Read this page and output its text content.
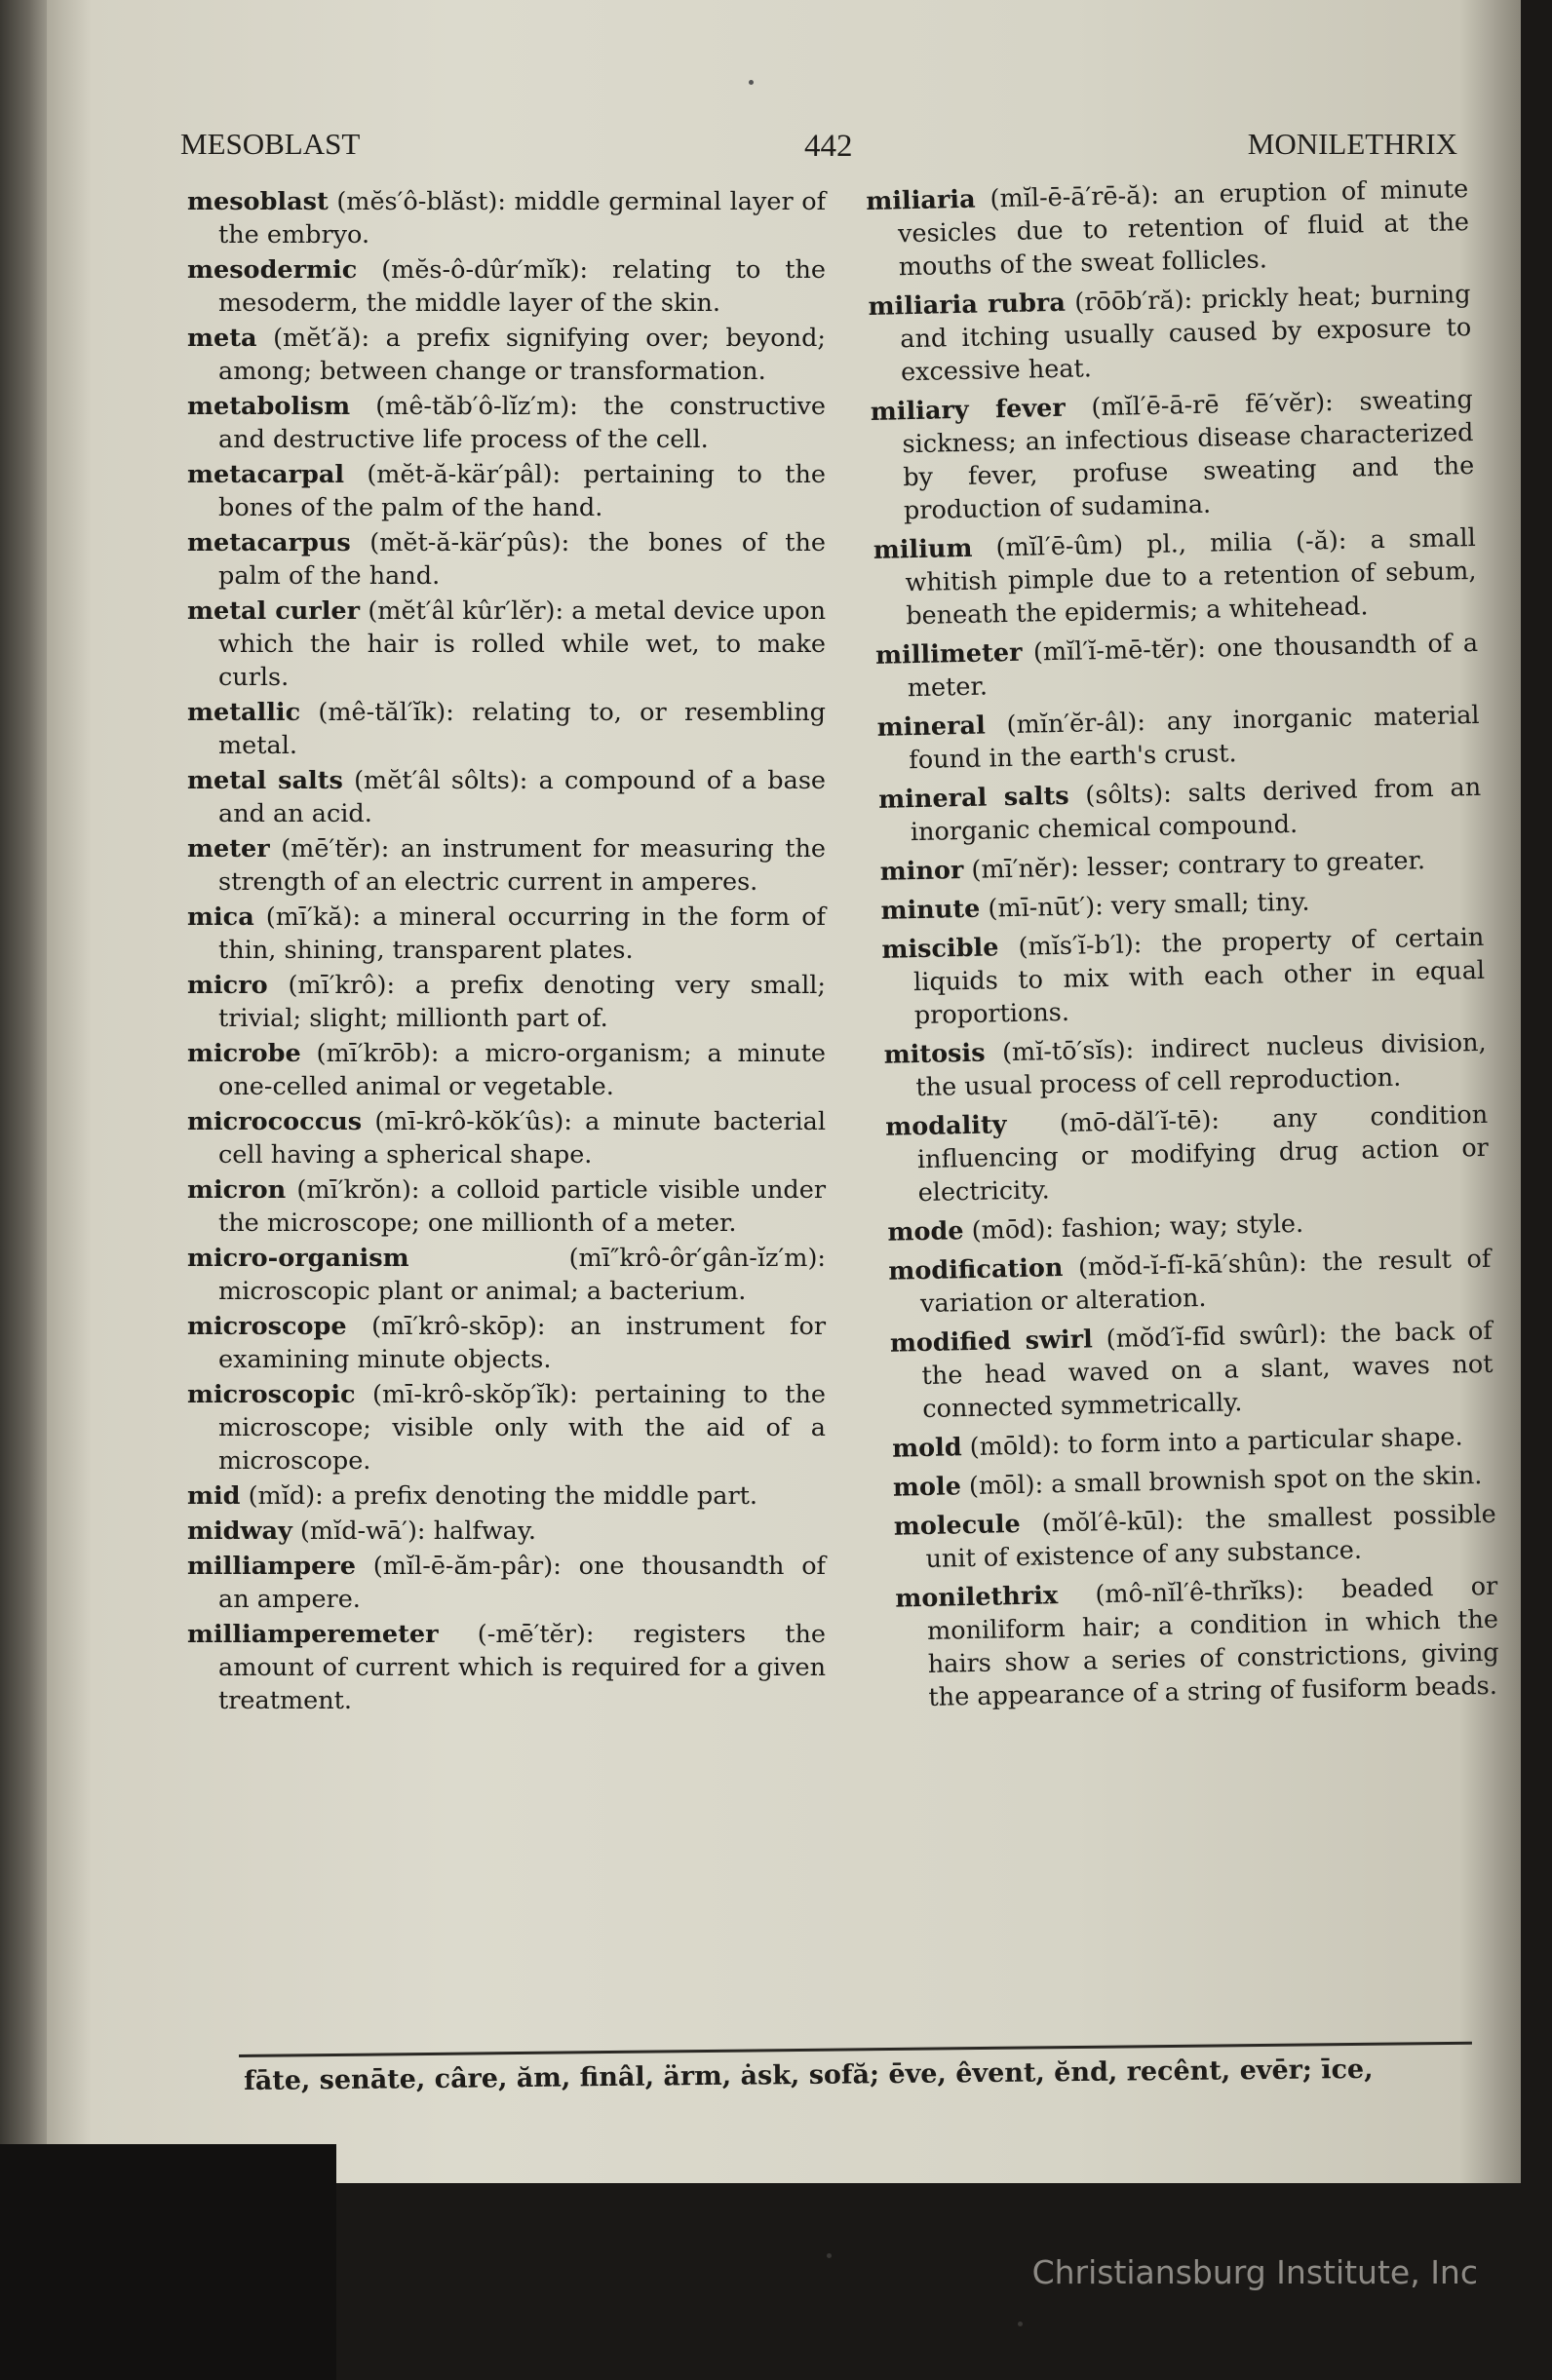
MESOBLAST	442	MONILETHRIX

mesoblast (mĕs′ô-blăst): middle germinal layer of the embryo.

mesodermic (mĕs-ô-dûr′mĭk): relating to the mesoderm, the middle layer of the skin.

meta (mĕt′ă): a prefix signifying over; beyond; among; between change or transformation.

metabolism (mê-tăb′ô-lĭz′m): the constructive and destructive life process of the cell.

metacarpal (mĕt-ă-kär′pâl): pertaining to the bones of the palm of the hand.

metacarpus (mĕt-ă-kär′pûs): the bones of the palm of the hand.

metal curler (mĕt′âl kûr′lĕr): a metal device upon which the hair is rolled while wet, to make curls.

metallic (mê-tăl′ĭk): relating to, or resembling metal.

metal salts (mĕt′âl sôlts): a compound of a base and an acid.

meter (mē′tĕr): an instrument for measuring the strength of an electric current in amperes.

mica (mī′kă): a mineral occurring in the form of thin, shining, transparent plates.

micro (mī′krô): a prefix denoting very small; trivial; slight; millionth part of.

microbe (mī′krōb): a micro-organism; a minute one-celled animal or vegetable.

micrococcus (mī-krô-kŏk′ûs): a minute bacterial cell having a spherical shape.

micron (mī′krŏn): a colloid particle visible under the microscope; one millionth of a meter.

micro-organism	(mī″krô-ôr′gân-ĭz′m): microscopic plant or animal; a bacterium.

microscope (mī′krô-skōp): an instrument for examining minute objects.

microscopic (mī-krô-skŏp′ĭk): pertaining to the microscope; visible only with the aid of a microscope.

mid (mĭd): a prefix denoting the middle part.

midway (mĭd-wā′): halfway.

milliampere (mĭl-ē-ăm-pâr): one thousandth of an ampere.

milliamperemeter (-mē′tĕr): registers the amount of current which is required for a given treatment.

miliaria (mĭl-ē-ā′rē-ă): an eruption of minute vesicles due to retention of fluid at the mouths of the sweat follicles.

miliaria rubra (rōōb′ră): prickly heat; burning and itching usually caused by exposure to excessive heat.

miliary fever (mĭl′ē-ā-rē fē′vĕr): sweating sickness; an infectious disease characterized by fever, profuse sweating and the production of sudamina.

milium (mĭl′ē-ûm) pl., milia (-ă): a small whitish pimple due to a retention of sebum, beneath the epidermis; a whitehead.

millimeter (mĭl′ĭ-mē-tĕr): one thousandth of a meter.

mineral (mĭn′ĕr-âl): any inorganic material found in the earth's crust.

mineral salts (sôlts): salts derived from an inorganic chemical compound.

minor (mī′nĕr): lesser; contrary to greater.

minute (mī-nūt′): very small; tiny.

miscible (mĭs′ĭ-b′l): the property of certain liquids to mix with each other in equal proportions.

mitosis (mĭ-tō′sĭs): indirect nucleus division, the usual process of cell reproduction.

modality (mō-dăl′ĭ-tē): any condition influencing or modifying drug action or electricity.

mode (mōd): fashion; way; style.

modification (mŏd-ĭ-fĭ-kā′shûn): the result of variation or alteration.

modified swirl (mŏd′ĭ-fīd swûrl): the back of the head waved on a slant, waves not connected symmetrically.

mold (mōld): to form into a particular shape.

mole (mōl): a small brownish spot on the skin.

molecule (mŏl′ê-kūl): the smallest possible unit of existence of any substance.

monilethrix (mô-nĭl′ê-thrĭks): beaded or moniliform hair; a condition in which the hairs show a series of constrictions, giving the appearance of a string of fusiform beads.

fāte, senāte, câre, ăm, finâl, ärm, ȧsk, sofă; ēve, êvent, ĕnd, recênt, evēr; īce,
Christiansburg Institute, Inc
